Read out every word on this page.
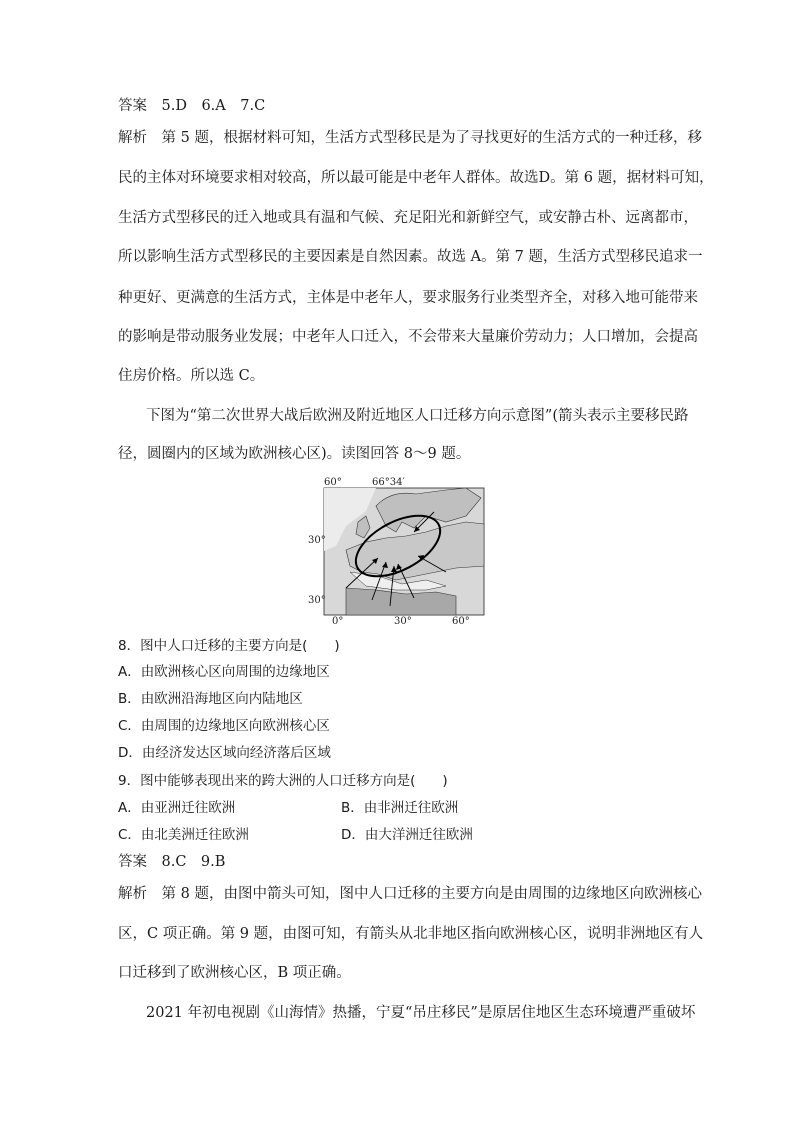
答案　5.D　6.A　7.C
解析　第 5 题，根据材料可知，生活方式型移民是为了寻找更好的生活方式的一种迁移，移
民的主体对环境要求相对较高，所以最可能是中老年人群体。故选D。第 6 题，据材料可知，
生活方式型移民的迁入地或具有温和气候、充足阳光和新鲜空气，或安静古朴、远离都市，
所以影响生活方式型移民的主要因素是自然因素。故选 A。第 7 题，生活方式型移民追求一
种更好、更满意的生活方式，主体是中老年人，要求服务行业类型齐全，对移入地可能带来
的影响是带动服务业发展；中老年人口迁入，不会带来大量廉价劳动力；人口增加，会提高
住房价格。所以选 C。
下图为“第二次世界大战后欧洲及附近地区人口迁移方向示意图”(箭头表示主要移民路
径，圆圈内的区域为欧洲核心区)。读图回答 8～9 题。
60°	66°34′
30°
30°
0°	30°	60°
8．图中人口迁移的主要方向是(　　)
A．由欧洲核心区向周围的边缘地区
B．由欧洲沿海地区向内陆地区
C．由周围的边缘地区向欧洲核心区
D．由经济发达区域向经济落后区域
9．图中能够表现出来的跨大洲的人口迁移方向是(　　)
A．由亚洲迁往欧洲	B．由非洲迁往欧洲
C．由北美洲迁往欧洲	D．由大洋洲迁往欧洲
答案　8.C　9.B
解析　第 8 题，由图中箭头可知，图中人口迁移的主要方向是由周围的边缘地区向欧洲核心
区，C 项正确。第 9 题，由图可知，有箭头从北非地区指向欧洲核心区，说明非洲地区有人
口迁移到了欧洲核心区，B 项正确。
2021 年初电视剧《山海情》热播，宁夏“吊庄移民”是原居住地区生态环境遭严重破坏
